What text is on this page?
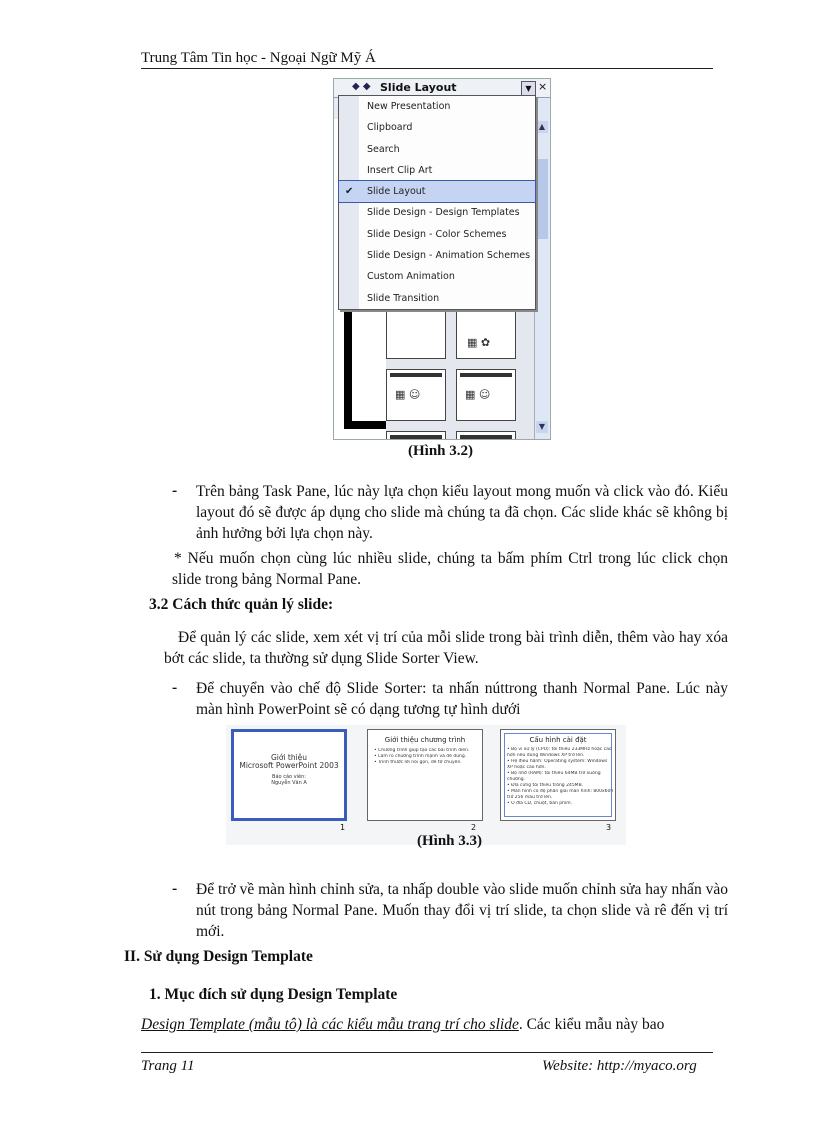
Trung Tâm Tin học - Ngoại Ngữ Mỹ Á
▦ ✿
▦ ☺	▦ ☺
▲
▼
◆ ◆ Slide Layout	▼ ×
New Presentation
Clipboard
Search
Insert Clip Art
✔ Slide Layout
Slide Design - Design Templates
Slide Design - Color Schemes
Slide Design - Animation Schemes
Custom Animation
Slide Transition
(Hình 3.2)
- Trên bảng Task Pane, lúc này lựa chọn kiểu layout mong muốn và click vào đó. Kiểu layout đó sẽ được áp dụng cho slide mà chúng ta đã chọn. Các slide khác sẽ không bị ảnh hưởng bởi lựa chọn này.
* Nếu muốn chọn cùng lúc nhiều slide, chúng ta bấm phím Ctrl trong lúc click chọn slide trong bảng Normal Pane.
3.2 Cách thức quản lý slide:
Để quản lý các slide, xem xét vị trí của mỗi slide trong bài trình diễn, thêm vào hay xóa bớt các slide, ta thường sử dụng Slide Sorter View.
- Để chuyển vào chế độ Slide Sorter: ta nhấn núttrong thanh Normal Pane. Lúc này màn hình PowerPoint sẽ có dạng tương tự hình dưới
Giới thiệu
Microsoft PowerPoint 2003
Báo cáo viên:
Nguyễn Văn A
1
Giới thiệu chương trình
• Chương trình giúp tạo các bài trình diễn.
• Làm rõ chương trình mạnh và dễ dùng.
• Trình thước lời nói gọn, dễ tờ chuyển.
2
Cấu hình cài đặt
• Bộ vi xử lý (CPU): tối thiểu 233MHz hoặc cao
hơn nếu dùng Windows XP trở lên.
• Hệ điều hành: Operating system: Windows
XP hoặc cao hơn.
• Bộ nhớ (RAM): tối thiểu 64MB trở xuống
chương.
• Đĩa cứng tối thiểu trống 245MB.
• Màn hình có độ phân giải màn hình: 800x600
trở 256 màu trở lên.
• Ổ đĩa CD, chuột, bàn phím.
3
(Hình 3.3)
- Để trở về màn hình chỉnh sửa, ta nhấp double vào slide muốn chỉnh sửa hay nhấn vào nút trong bảng Normal Pane. Muốn thay đổi vị trí slide, ta chọn slide và rê đến vị trí mới.
II. Sử dụng Design Template
1. Mục đích sử dụng Design Template
Design Template (mẫu tô) là các kiểu mẫu trang trí cho slide. Các kiểu mẫu này bao
Trang 11	Website: http://myaco.org
